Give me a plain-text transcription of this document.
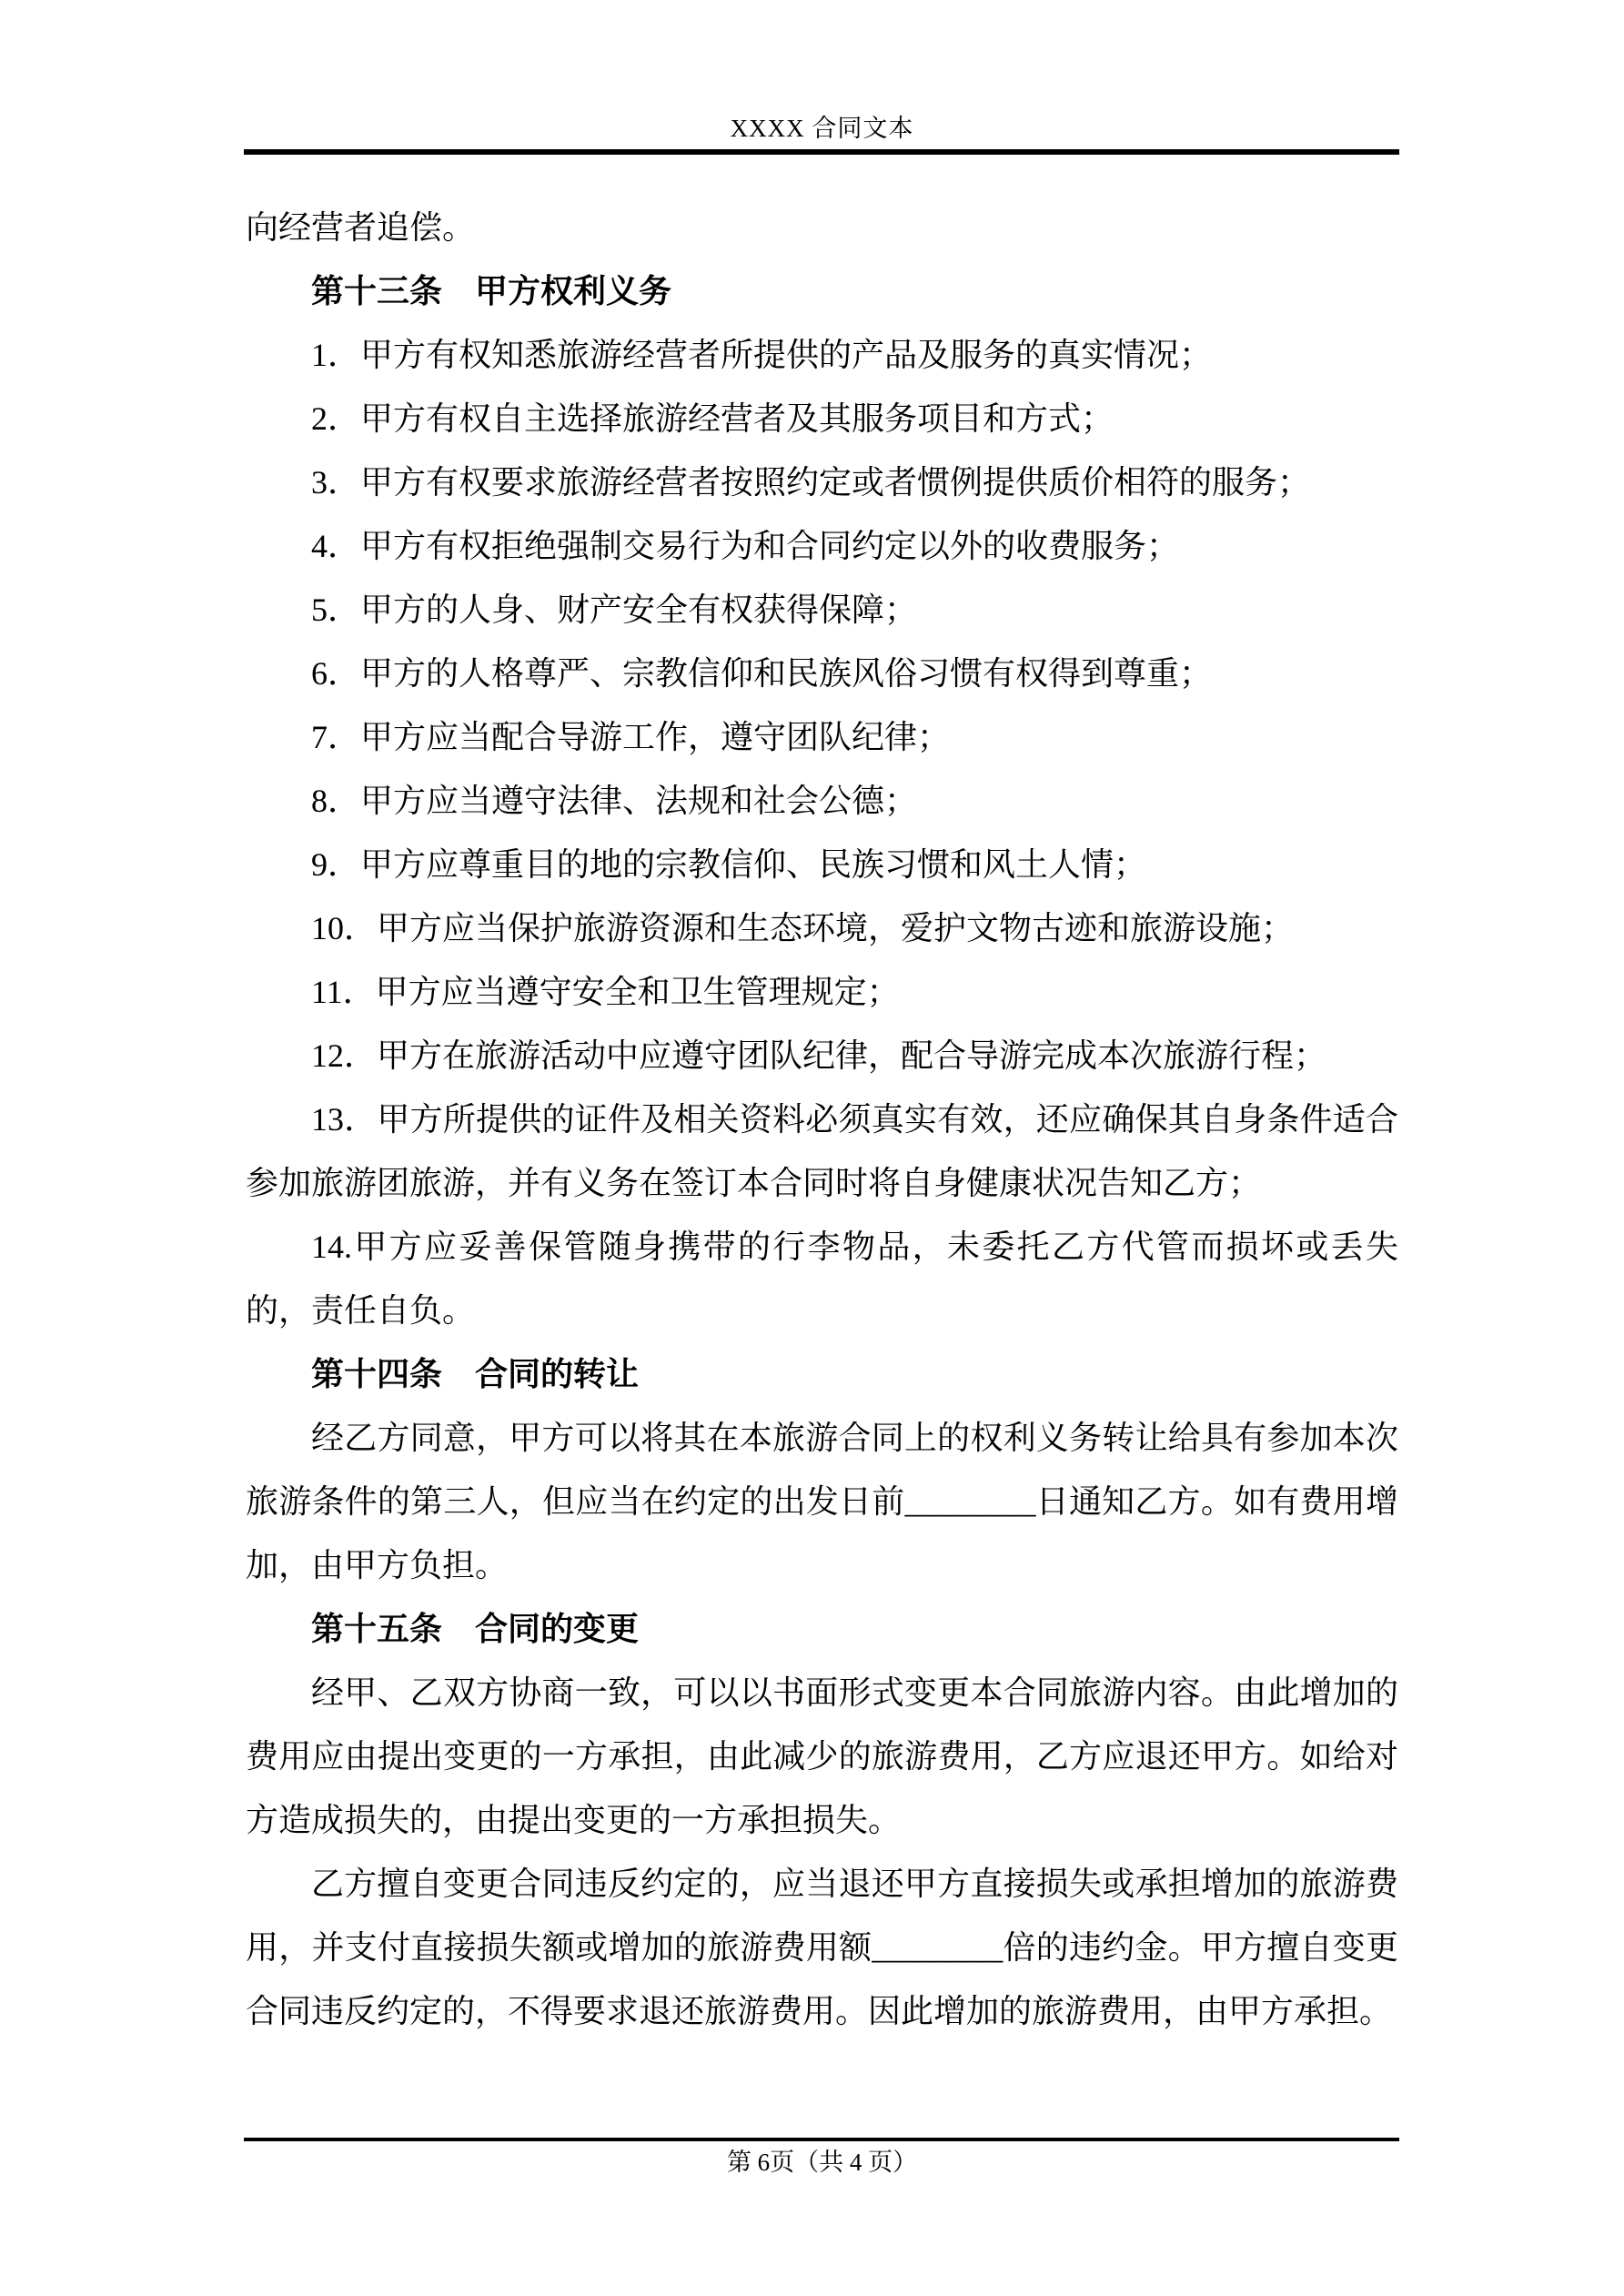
XXXX 合同文本

向经营者追偿。

第十三条　甲方权利义务

1．甲方有权知悉旅游经营者所提供的产品及服务的真实情况；

2．甲方有权自主选择旅游经营者及其服务项目和方式；

3．甲方有权要求旅游经营者按照约定或者惯例提供质价相符的服务；

4．甲方有权拒绝强制交易行为和合同约定以外的收费服务；

5．甲方的人身、财产安全有权获得保障；

6．甲方的人格尊严、宗教信仰和民族风俗习惯有权得到尊重；

7．甲方应当配合导游工作，遵守团队纪律；

8．甲方应当遵守法律、法规和社会公德；

9．甲方应尊重目的地的宗教信仰、民族习惯和风土人情；

10．甲方应当保护旅游资源和生态环境，爱护文物古迹和旅游设施；

11．甲方应当遵守安全和卫生管理规定；

12．甲方在旅游活动中应遵守团队纪律，配合导游完成本次旅游行程；

13．甲方所提供的证件及相关资料必须真实有效，还应确保其自身条件适合参加旅游团旅游，并有义务在签订本合同时将自身健康状况告知乙方；

14.甲方应妥善保管随身携带的行李物品，未委托乙方代管而损坏或丢失的，责任自负。

第十四条　合同的转让

经乙方同意，甲方可以将其在本旅游合同上的权利义务转让给具有参加本次旅游条件的第三人，但应当在约定的出发日前________日通知乙方。如有费用增加，由甲方负担。

第十五条　合同的变更

经甲、乙双方协商一致，可以以书面形式变更本合同旅游内容。由此增加的费用应由提出变更的一方承担，由此减少的旅游费用，乙方应退还甲方。如给对方造成损失的，由提出变更的一方承担损失。

乙方擅自变更合同违反约定的，应当退还甲方直接损失或承担增加的旅游费用，并支付直接损失额或增加的旅游费用额________倍的违约金。甲方擅自变更合同违反约定的，不得要求退还旅游费用。因此增加的旅游费用，由甲方承担。

第 6页（共 4 页）
